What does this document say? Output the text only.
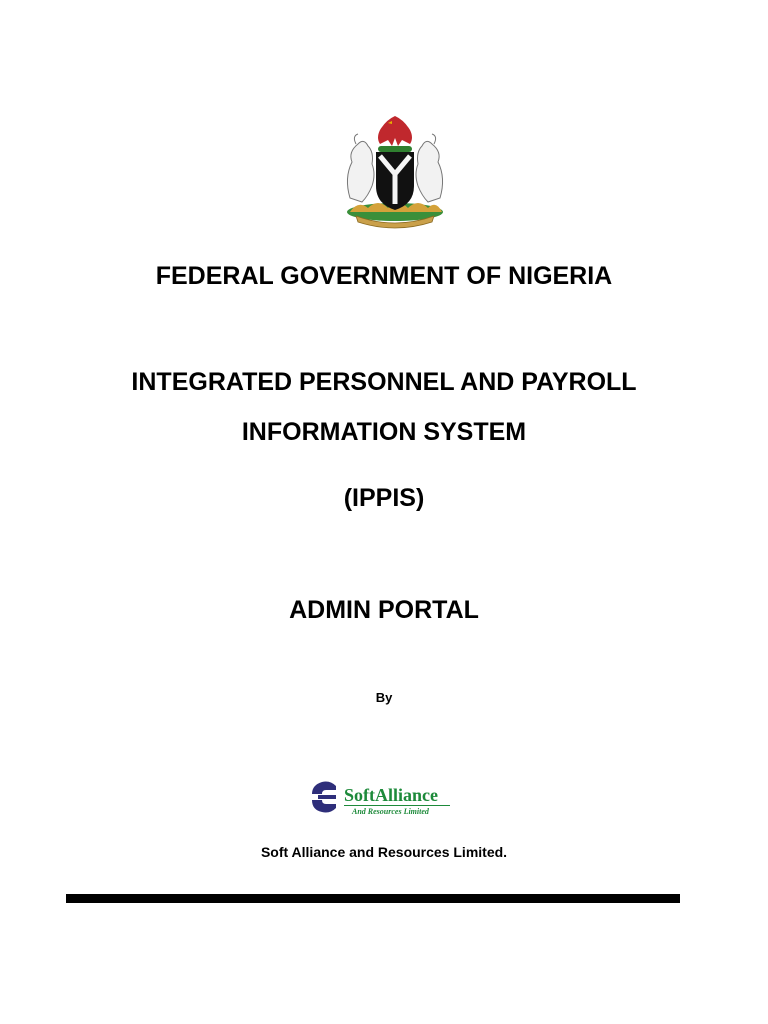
FEDERAL GOVERNMENT OF NIGERIA
INTEGRATED PERSONNEL AND PAYROLL
INFORMATION SYSTEM
(IPPIS)
ADMIN PORTAL
By
SoftAlliance
And Resources Limited
Soft Alliance and Resources Limited.
